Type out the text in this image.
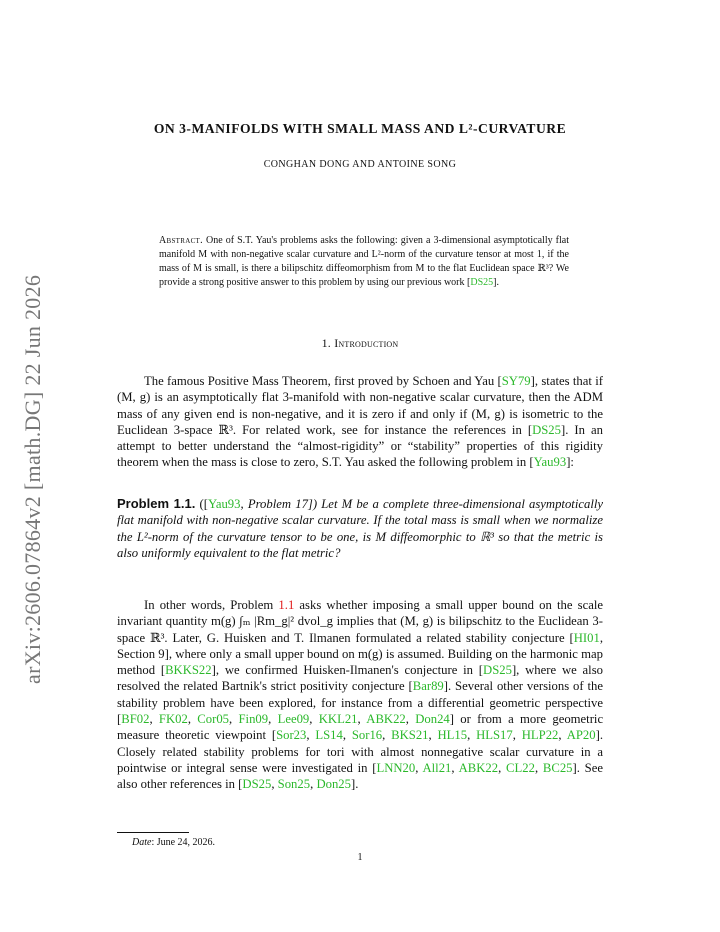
arXiv:2606.07864v2 [math.DG] 22 Jun 2026
ON 3-MANIFOLDS WITH SMALL MASS AND L²-CURVATURE
CONGHAN DONG AND ANTOINE SONG
Abstract. One of S.T. Yau's problems asks the following: given a 3-dimensional asymptotically flat manifold M with non-negative scalar curvature and L²-norm of the curvature tensor at most 1, if the mass of M is small, is there a bilipschitz diffeomorphism from M to the flat Euclidean space ℝ³? We provide a strong positive answer to this problem by using our previous work [DS25].
1. Introduction
The famous Positive Mass Theorem, first proved by Schoen and Yau [SY79], states that if (M, g) is an asymptotically flat 3-manifold with non-negative scalar curvature, then the ADM mass of any given end is non-negative, and it is zero if and only if (M, g) is isometric to the Euclidean 3-space ℝ³. For related work, see for instance the references in [DS25]. In an attempt to better understand the “almost-rigidity” or “stability” properties of this rigidity theorem when the mass is close to zero, S.T. Yau asked the following problem in [Yau93]:
Problem 1.1. ([Yau93, Problem 17]) Let M be a complete three-dimensional asymptotically flat manifold with non-negative scalar curvature. If the total mass is small when we normalize the L²-norm of the curvature tensor to be one, is M diffeomorphic to ℝ³ so that the metric is also uniformly equivalent to the flat metric?
In other words, Problem 1.1 asks whether imposing a small upper bound on the scale invariant quantity m(g) ∫ₘ |Rm_g|² dvol_g implies that (M, g) is bilipschitz to the Euclidean 3-space ℝ³. Later, G. Huisken and T. Ilmanen formulated a related stability conjecture [HI01, Section 9], where only a small upper bound on m(g) is assumed. Building on the harmonic map method [BKKS22], we confirmed Huisken-Ilmanen's conjecture in [DS25], where we also resolved the related Bartnik's strict positivity conjecture [Bar89]. Several other versions of the stability problem have been explored, for instance from a differential geometric perspective [BF02, FK02, Cor05, Fin09, Lee09, KKL21, ABK22, Don24] or from a more geometric measure theoretic viewpoint [Sor23, LS14, Sor16, BKS21, HL15, HLS17, HLP22, AP20]. Closely related stability problems for tori with almost nonnegative scalar curvature in a pointwise or integral sense were investigated in [LNN20, All21, ABK22, CL22, BC25]. See also other references in [DS25, Son25, Don25].
Date: June 24, 2026.
1
